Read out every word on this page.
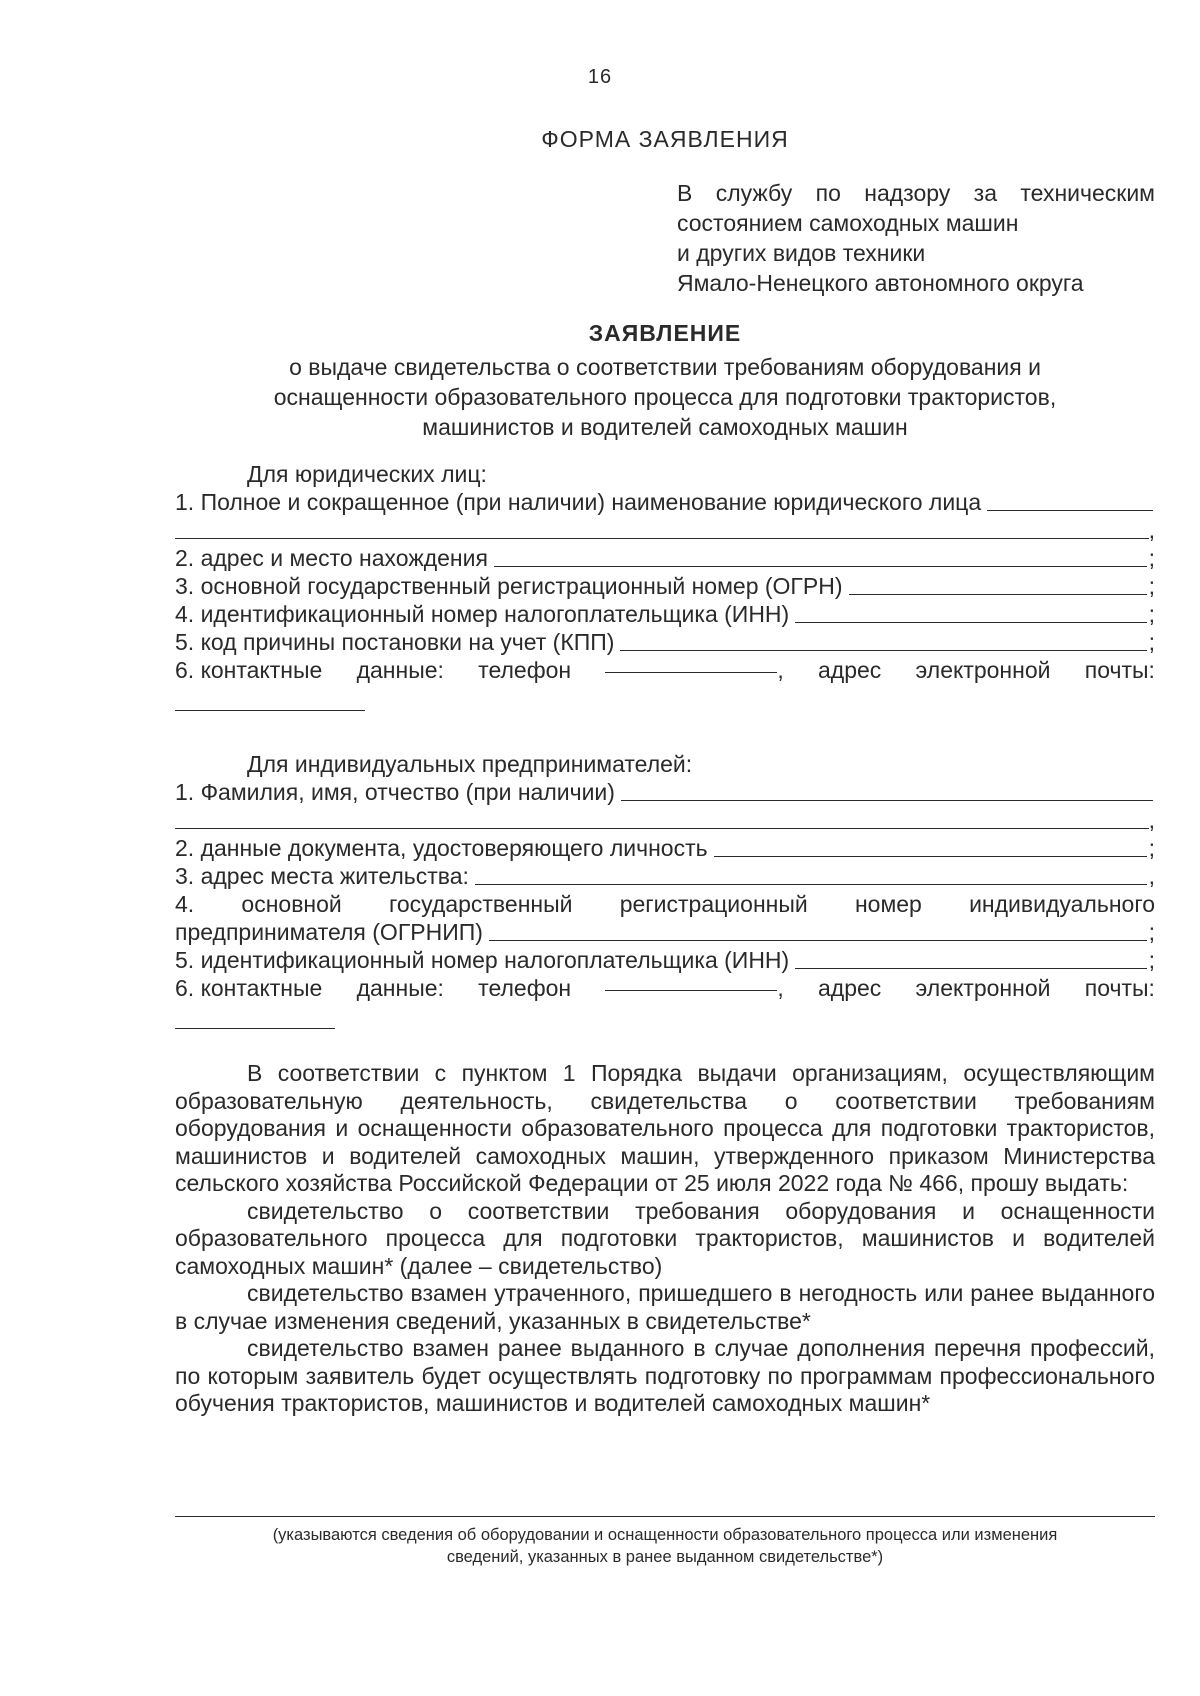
16
ФОРМА ЗАЯВЛЕНИЯ
В службу по надзору за техническим
состоянием самоходных машин
и других видов техники
Ямало-Ненецкого автономного округа
ЗАЯВЛЕНИЕ
о выдаче свидетельства о соответствии требованиям оборудования и
оснащенности образовательного процесса для подготовки трактористов,
машинистов и водителей самоходных машин
Для юридических лиц:
1. Полное и сокращенное (при наличии) наименование юридического лица
,
2. адрес и место нахождения	;
3. основной государственный регистрационный номер (ОГРН)	;
4. идентификационный номер налогоплательщика (ИНН)	;
5. код причины постановки на учет (КПП)	;
6. контактные данные: телефон	, адрес электронной почты:
Для индивидуальных предпринимателей:
1. Фамилия, имя, отчество (при наличии)
,
2. данные документа, удостоверяющего личность	;
3. адрес места жительства:	,
4. основной государственный регистрационный номер индивидуального
предпринимателя (ОГРНИП)	;
5. идентификационный номер налогоплательщика (ИНН)	;
6. контактные данные: телефон	, адрес электронной почты:

В соответствии с пунктом 1 Порядка выдачи организациям, осуществляющим образовательную деятельность, свидетельства о соответствии требованиям оборудования и оснащенности образовательного процесса для подготовки трактористов, машинистов и водителей самоходных машин, утвержденного приказом Министерства сельского хозяйства Российской Федерации от 25 июля 2022 года № 466, прошу выдать:

свидетельство о соответствии требования оборудования и оснащенности образовательного процесса для подготовки трактористов, машинистов и водителей самоходных машин* (далее – свидетельство)

свидетельство взамен утраченного, пришедшего в негодность или ранее выданного в случае изменения сведений, указанных в свидетельстве*

свидетельство взамен ранее выданного в случае дополнения перечня профессий, по которым заявитель будет осуществлять подготовку по программам профессионального обучения трактористов, машинистов и водителей самоходных машин*

(указываются сведения об оборудовании и оснащенности образовательного процесса или изменения
сведений, указанных в ранее выданном свидетельстве*)
